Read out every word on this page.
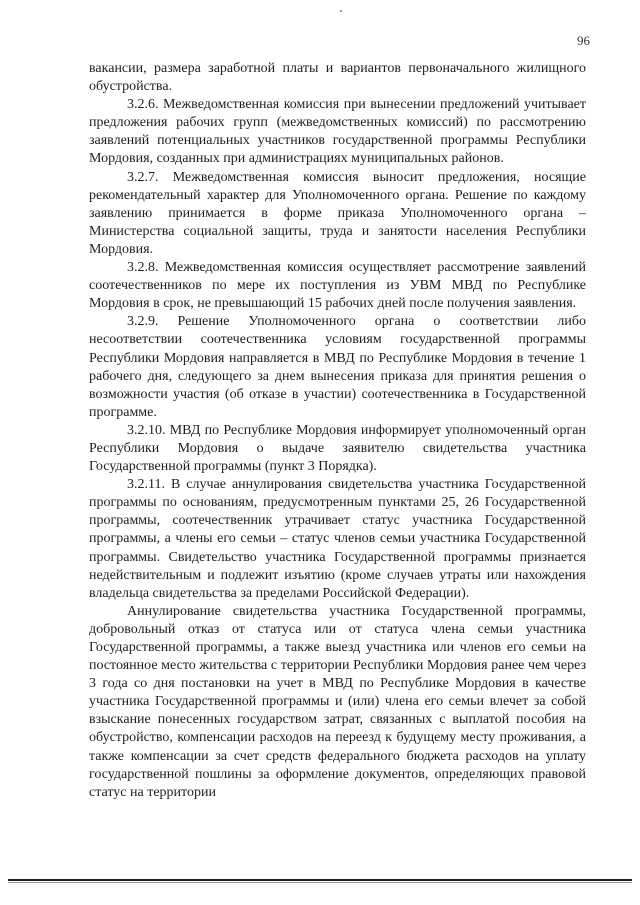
96

вакансии, размера заработной платы и вариантов первоначального жилищного обустройства.

3.2.6. Межведомственная комиссия при вынесении предложений учитывает предложения рабочих групп (межведомственных комиссий) по рассмотрению заявлений потенциальных участников государственной программы Республики Мордовия, созданных при администрациях муниципальных районов.

3.2.7. Межведомственная комиссия выносит предложения, носящие рекомендательный характер для Уполномоченного органа. Решение по каждому заявлению принимается в форме приказа Уполномоченного органа – Министерства социальной защиты, труда и занятости населения Республики Мордовия.

3.2.8. Межведомственная комиссия осуществляет рассмотрение заявлений соотечественников по мере их поступления из УВМ МВД по Республике Мордовия в срок, не превышающий 15 рабочих дней после получения заявления.

3.2.9. Решение Уполномоченного органа о соответствии либо несоответствии соотечественника условиям государственной программы Республики Мордовия направляется в МВД по Республике Мордовия в течение 1 рабочего дня, следующего за днем вынесения приказа для принятия решения о возможности участия (об отказе в участии) соотечественника в Государственной программе.

3.2.10. МВД по Республике Мордовия информирует уполномоченный орган Республики Мордовия о выдаче заявителю свидетельства участника Государственной программы (пункт 3 Порядка).

3.2.11. В случае аннулирования свидетельства участника Государственной программы по основаниям, предусмотренным пунктами 25, 26 Государственной программы, соотечественник утрачивает статус участника Государственной программы, а члены его семьи – статус членов семьи участника Государственной программы. Свидетельство участника Государственной программы признается недействительным и подлежит изъятию (кроме случаев утраты или нахождения владельца свидетельства за пределами Российской Федерации).

Аннулирование свидетельства участника Государственной программы, добровольный отказ от статуса или от статуса члена семьи участника Государственной программы, а также выезд участника или членов его семьи на постоянное место жительства с территории Республики Мордовия ранее чем через 3 года со дня постановки на учет в МВД по Республике Мордовия в качестве участника Государственной программы и (или) члена его семьи влечет за собой взыскание понесенных государством затрат, связанных с выплатой пособия на обустройство, компенсации расходов на переезд к будущему месту проживания, а также компенсации за счет средств федерального бюджета расходов на уплату государственной пошлины за оформление документов, определяющих правовой статус на территории
